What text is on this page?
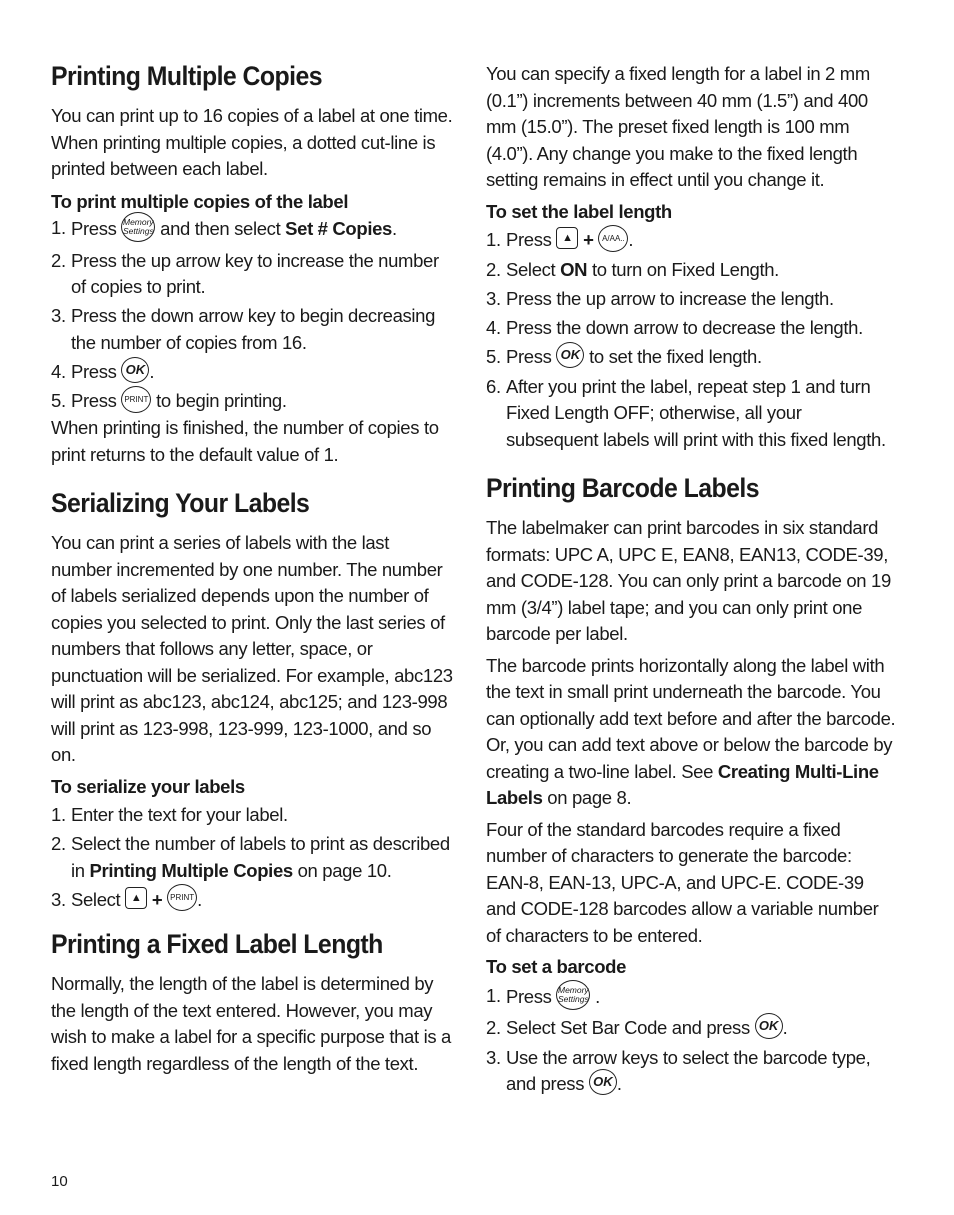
Printing Multiple Copies

You can print up to 16 copies of a label at one time. When printing multiple copies, a dotted cut-line is printed between each label.

To print multiple copies of the label

1. Press Memory
Settings and then select Set # Copies.
2. Press the up arrow key to increase the number of copies to print.
3. Press the down arrow key to begin decreasing the number of copies from 16.
4. Press OK .
5. Press PRINT to begin printing.

When printing is finished, the number of copies to print returns to the default value of 1.

Serializing Your Labels

You can print a series of labels with the last number incremented by one number. The number of labels serialized depends upon the number of copies you selected to print. Only the last series of numbers that follows any letter, space, or punctuation will be serialized. For example, abc123 will print as abc123, abc124, abc125; and 123-998 will print as 123-998, 123-999, 123-1000, and so on.

To serialize your labels

1. Enter the text for your label.
2. Select the number of labels to print as described in Printing Multiple Copies on page 10.
3. Select ▲ + PRINT .
Printing a Fixed Label Length

Normally, the length of the label is determined by the length of the text entered. However, you may wish to make a label for a specific purpose that is a fixed length regardless of the length of the text.

You can specify a fixed length for a label in 2 mm (0.1”) increments between 40 mm (1.5”) and 400 mm (15.0”). The preset fixed length is 100 mm (4.0”). Any change you make to the fixed length setting remains in effect until you change it.

To set the label length

1. Press ▲ + A/AA.. .
2. Select ON to turn on Fixed Length.
3. Press the up arrow to increase the length.
4. Press the down arrow to decrease the length.
5. Press OK to set the fixed length.
6. After you print the label, repeat step 1 and turn Fixed Length OFF; otherwise, all your subsequent labels will print with this fixed length.
Printing Barcode Labels

The labelmaker can print barcodes in six standard formats: UPC A, UPC E, EAN8, EAN13, CODE-39, and CODE-128. You can only print a barcode on 19 mm (3/4”) label tape; and you can only print one barcode per label.

The barcode prints horizontally along the label with the text in small print underneath the barcode. You can optionally add text before and after the barcode. Or, you can add text above or below the barcode by creating a two-line label. See Creating Multi-Line Labels on page 8.

Four of the standard barcodes require a fixed number of characters to generate the barcode: EAN-8, EAN-13, UPC-A, and UPC-E. CODE-39 and CODE-128 barcodes allow a variable number of characters to be entered.

To set a barcode

1. Press Memory
Settings .
2. Select Set Bar Code and press OK .
3. Use the arrow keys to select the barcode type, and press OK .
10
